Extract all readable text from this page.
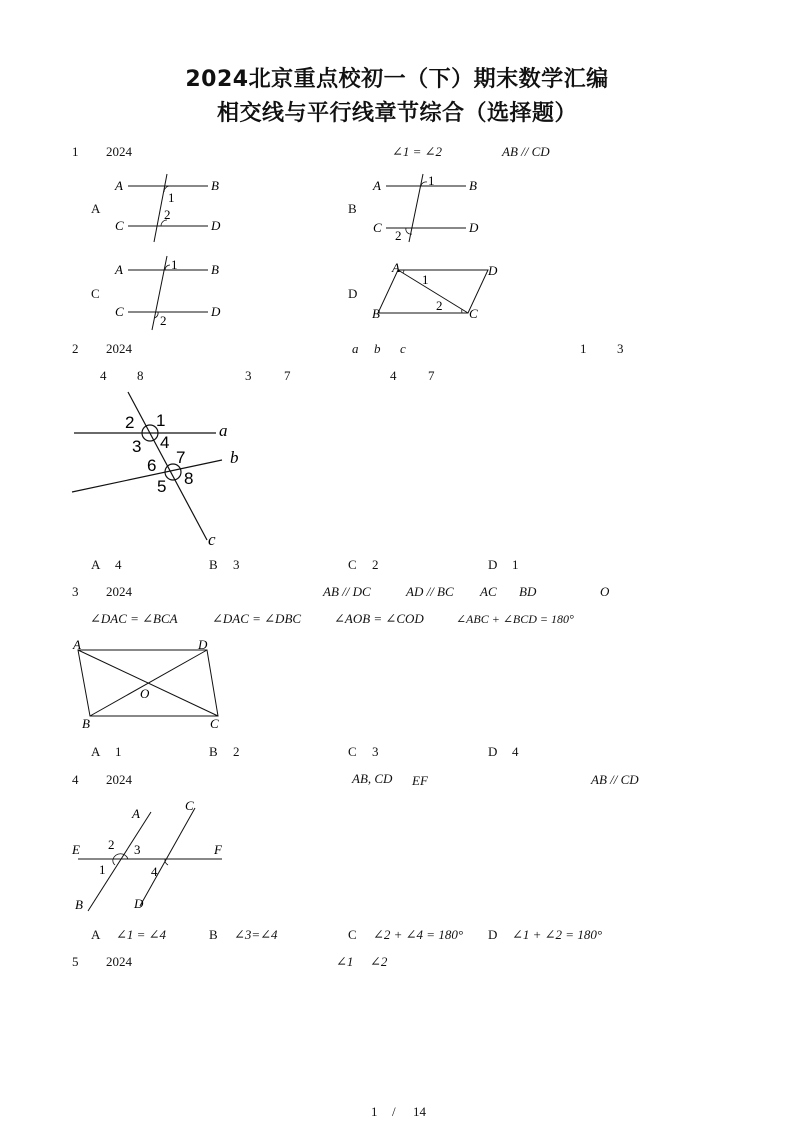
2024北京重点校初一（下）期末数学汇编
相交线与平行线章节综合（选择题）
1 2024	∠1 = ∠2	AB // CD
A	B
C	D
A	B
C	D
1
2
A	B
C	D
1
2
A	B
C	D
1
2
A	D
B	C
1
2
2 2024	a b c	1 3
4 8	3	7	4 7
2 1
3 4
6 7
5 8
a
b
c
A 4	B 3	C 2	D 1
3 2024	AB // DC	AD // BC AC BD	O
∠DAC = ∠BCA	∠DAC = ∠DBC	∠AOB = ∠COD	∠ABC + ∠BCD = 180°
A	D
B	C
O
A 1	B 2	C 3	D 4
4 2024	AB, CD EF	AB // CD
E	F
A
C
B	D
2 3
1	4
A ∠1 = ∠4	B ∠3=∠4	C ∠2 + ∠4 = 180° D ∠1 + ∠2 = 180°
5 2024	∠1 ∠2
1 / 14
